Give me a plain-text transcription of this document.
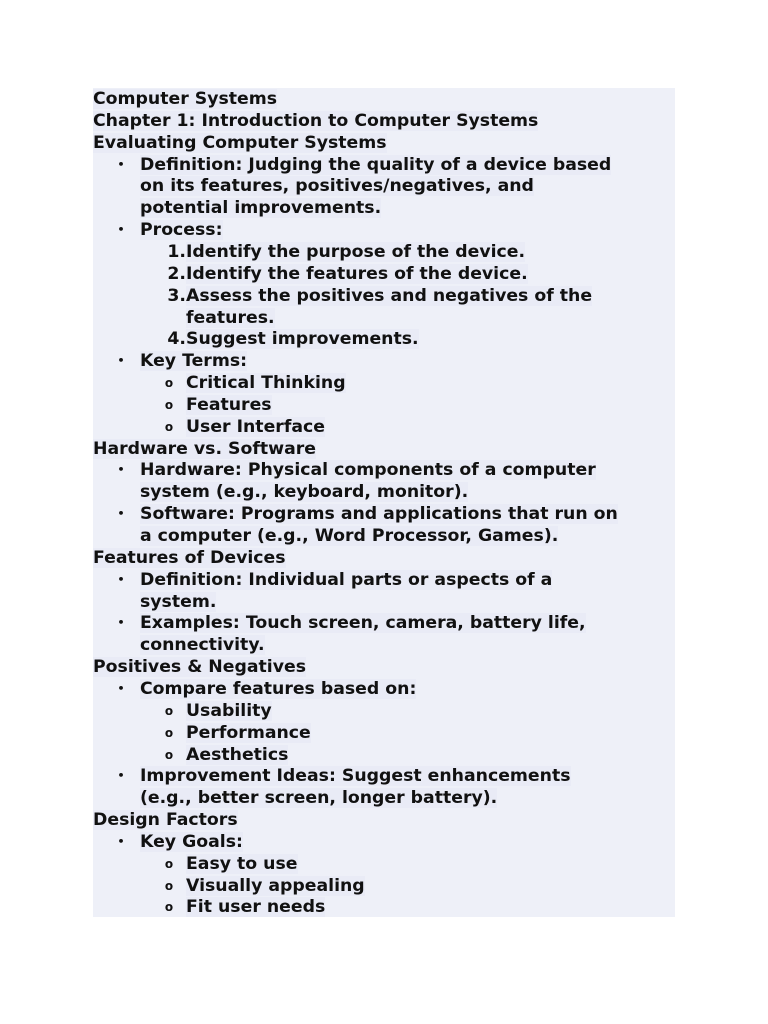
Computer Systems
Chapter 1: Introduction to Computer Systems
Evaluating Computer Systems
• Definition: Judging the quality of a device based
on its features, positives/negatives, and
potential improvements.
• Process:
1. Identify the purpose of the device.
2. Identify the features of the device.
3. Assess the positives and negatives of the
features.
4. Suggest improvements.
• Key Terms:
o Critical Thinking
o Features
o User Interface
Hardware vs. Software
• Hardware: Physical components of a computer
system (e.g., keyboard, monitor).
• Software: Programs and applications that run on
a computer (e.g., Word Processor, Games).
Features of Devices
• Definition: Individual parts or aspects of a
system.
• Examples: Touch screen, camera, battery life,
connectivity.
Positives & Negatives
• Compare features based on:
o Usability
o Performance
o Aesthetics
• Improvement Ideas: Suggest enhancements
(e.g., better screen, longer battery).
Design Factors
• Key Goals:
o Easy to use
o Visually appealing
o Fit user needs
